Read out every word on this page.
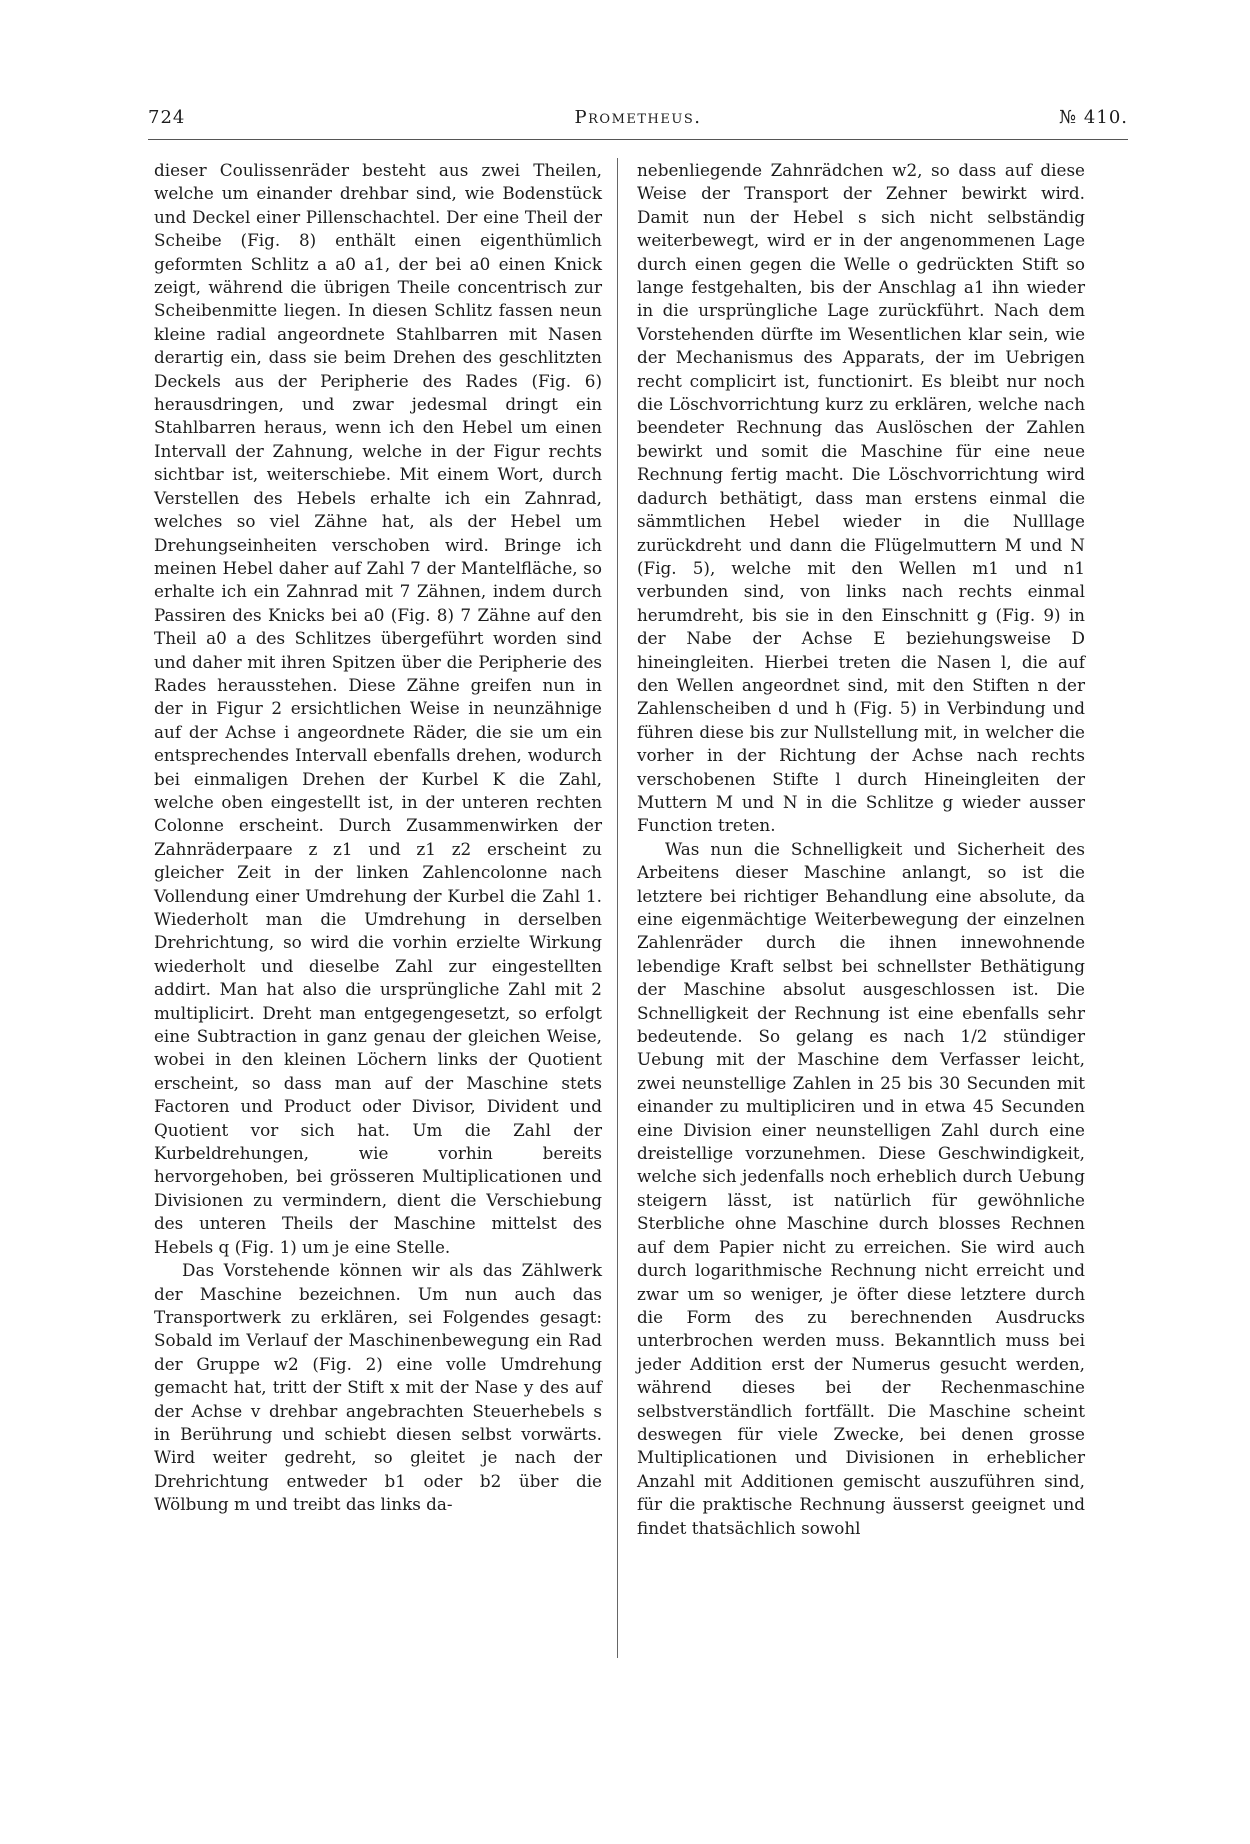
724	Prometheus.	№ 410.

dieser Coulissenräder besteht aus zwei Theilen, welche um einander drehbar sind, wie Bodenstück und Deckel einer Pillenschachtel. Der eine Theil der Scheibe (Fig. 8) enthält einen eigenthümlich geformten Schlitz a a0 a1, der bei a0 einen Knick zeigt, während die übrigen Theile concentrisch zur Scheibenmitte liegen. In diesen Schlitz fassen neun kleine radial angeordnete Stahlbarren mit Nasen derartig ein, dass sie beim Drehen des geschlitzten Deckels aus der Peripherie des Rades (Fig. 6) herausdringen, und zwar jedesmal dringt ein Stahlbarren heraus, wenn ich den Hebel um einen Intervall der Zahnung, welche in der Figur rechts sichtbar ist, weiterschiebe. Mit einem Wort, durch Verstellen des Hebels erhalte ich ein Zahnrad, welches so viel Zähne hat, als der Hebel um Drehungseinheiten verschoben wird. Bringe ich meinen Hebel daher auf Zahl 7 der Mantelfläche, so erhalte ich ein Zahnrad mit 7 Zähnen, indem durch Passiren des Knicks bei a0 (Fig. 8) 7 Zähne auf den Theil a0 a des Schlitzes übergeführt worden sind und daher mit ihren Spitzen über die Peripherie des Rades herausstehen. Diese Zähne greifen nun in der in Figur 2 ersichtlichen Weise in neunzähnige auf der Achse i angeordnete Räder, die sie um ein entsprechendes Intervall ebenfalls drehen, wodurch bei einmaligen Drehen der Kurbel K die Zahl, welche oben eingestellt ist, in der unteren rechten Colonne erscheint. Durch Zusammenwirken der Zahnräderpaare z z1 und z1 z2 erscheint zu gleicher Zeit in der linken Zahlencolonne nach Vollendung einer Umdrehung der Kurbel die Zahl 1. Wiederholt man die Umdrehung in derselben Drehrichtung, so wird die vorhin erzielte Wirkung wiederholt und dieselbe Zahl zur eingestellten addirt. Man hat also die ursprüngliche Zahl mit 2 multiplicirt. Dreht man entgegengesetzt, so erfolgt eine Subtraction in ganz genau der gleichen Weise, wobei in den kleinen Löchern links der Quotient erscheint, so dass man auf der Maschine stets Factoren und Product oder Divisor, Divident und Quotient vor sich hat. Um die Zahl der Kurbeldrehungen, wie vorhin bereits hervorgehoben, bei grösseren Multiplicationen und Divisionen zu vermindern, dient die Verschiebung des unteren Theils der Maschine mittelst des Hebels q (Fig. 1) um je eine Stelle.

Das Vorstehende können wir als das Zählwerk der Maschine bezeichnen. Um nun auch das Transportwerk zu erklären, sei Folgendes gesagt: Sobald im Verlauf der Maschinenbewegung ein Rad der Gruppe w2 (Fig. 2) eine volle Umdrehung gemacht hat, tritt der Stift x mit der Nase y des auf der Achse v drehbar angebrachten Steuerhebels s in Berührung und schiebt diesen selbst vorwärts. Wird weiter gedreht, so gleitet je nach der Drehrichtung entweder b1 oder b2 über die Wölbung m und treibt das links da-

nebenliegende Zahnrädchen w2, so dass auf diese Weise der Transport der Zehner bewirkt wird. Damit nun der Hebel s sich nicht selbständig weiterbewegt, wird er in der angenommenen Lage durch einen gegen die Welle o gedrückten Stift so lange festgehalten, bis der Anschlag a1 ihn wieder in die ursprüngliche Lage zurückführt. Nach dem Vorstehenden dürfte im Wesentlichen klar sein, wie der Mechanismus des Apparats, der im Uebrigen recht complicirt ist, functionirt. Es bleibt nur noch die Löschvorrichtung kurz zu erklären, welche nach beendeter Rechnung das Auslöschen der Zahlen bewirkt und somit die Maschine für eine neue Rechnung fertig macht. Die Löschvorrichtung wird dadurch bethätigt, dass man erstens einmal die sämmtlichen Hebel wieder in die Nulllage zurückdreht und dann die Flügelmuttern M und N (Fig. 5), welche mit den Wellen m1 und n1 verbunden sind, von links nach rechts einmal herumdreht, bis sie in den Einschnitt g (Fig. 9) in der Nabe der Achse E beziehungsweise D hineingleiten. Hierbei treten die Nasen l, die auf den Wellen angeordnet sind, mit den Stiften n der Zahlenscheiben d und h (Fig. 5) in Verbindung und führen diese bis zur Nullstellung mit, in welcher die vorher in der Richtung der Achse nach rechts verschobenen Stifte l durch Hineingleiten der Muttern M und N in die Schlitze g wieder ausser Function treten.

Was nun die Schnelligkeit und Sicherheit des Arbeitens dieser Maschine anlangt, so ist die letztere bei richtiger Behandlung eine absolute, da eine eigenmächtige Weiterbewegung der einzelnen Zahlenräder durch die ihnen innewohnende lebendige Kraft selbst bei schnellster Bethätigung der Maschine absolut ausgeschlossen ist. Die Schnelligkeit der Rechnung ist eine ebenfalls sehr bedeutende. So gelang es nach 1/2 stündiger Uebung mit der Maschine dem Verfasser leicht, zwei neunstellige Zahlen in 25 bis 30 Secunden mit einander zu multipliciren und in etwa 45 Secunden eine Division einer neunstelligen Zahl durch eine dreistellige vorzunehmen. Diese Geschwindigkeit, welche sich jedenfalls noch erheblich durch Uebung steigern lässt, ist natürlich für gewöhnliche Sterbliche ohne Maschine durch blosses Rechnen auf dem Papier nicht zu erreichen. Sie wird auch durch logarithmische Rechnung nicht erreicht und zwar um so weniger, je öfter diese letztere durch die Form des zu berechnenden Ausdrucks unterbrochen werden muss. Bekanntlich muss bei jeder Addition erst der Numerus gesucht werden, während dieses bei der Rechenmaschine selbstverständlich fortfällt. Die Maschine scheint deswegen für viele Zwecke, bei denen grosse Multiplicationen und Divisionen in erheblicher Anzahl mit Additionen gemischt auszuführen sind, für die praktische Rechnung äusserst geeignet und findet thatsächlich sowohl
